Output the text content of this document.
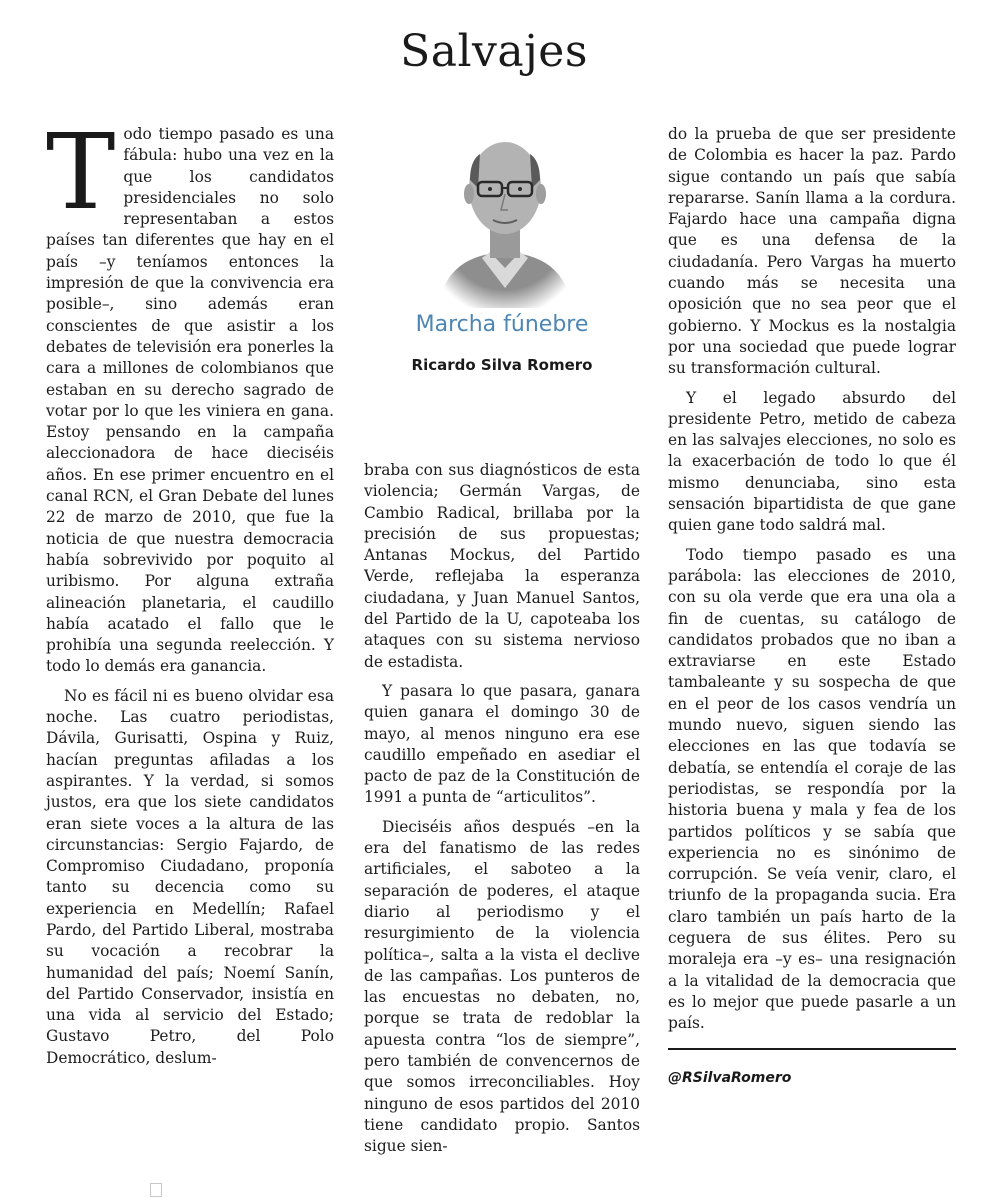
Salvajes
Marcha fúnebre
Ricardo Silva Romero

Todo tiempo pasado es una fábula: hubo una vez en la que los candidatos presidenciales no solo representaban a estos países tan diferentes que hay en el país –y teníamos entonces la impresión de que la convivencia era posible–, sino además eran conscientes de que asistir a los debates de televisión era ponerles la cara a millones de colombianos que estaban en su derecho sagrado de votar por lo que les viniera en gana. Estoy pensando en la campaña aleccionadora de hace dieciséis años. En ese primer encuentro en el canal RCN, el Gran Debate del lunes 22 de marzo de 2010, que fue la noticia de que nuestra democracia había sobrevivido por poquito al uribismo. Por alguna extraña alineación planetaria, el caudillo había acatado el fallo que le prohibía una segunda reelección. Y todo lo demás era ganancia.

No es fácil ni es bueno olvidar esa noche. Las cuatro periodistas, Dávila, Gurisatti, Ospina y Ruiz, hacían preguntas afiladas a los aspirantes. Y la verdad, si somos justos, era que los siete candidatos eran siete voces a la altura de las circunstancias: Sergio Fajardo, de Compromiso Ciudadano, proponía tanto su decencia como su experiencia en Medellín; Rafael Pardo, del Partido Liberal, mostraba su vocación a recobrar la humanidad del país; Noemí Sanín, del Partido Conservador, insistía en una vida al servicio del Estado; Gustavo Petro, del Polo Democrático, deslum-

braba con sus diagnósticos de esta violencia; Germán Vargas, de Cambio Radical, brillaba por la precisión de sus propuestas; Antanas Mockus, del Partido Verde, reflejaba la esperanza ciudadana, y Juan Manuel Santos, del Partido de la U, capoteaba los ataques con su sistema nervioso de estadista.

Y pasara lo que pasara, ganara quien ganara el domingo 30 de mayo, al menos ninguno era ese caudillo empeñado en asediar el pacto de paz de la Constitución de 1991 a punta de “articulitos”.

Dieciséis años después –en la era del fanatismo de las redes artificiales, el saboteo a la separación de poderes, el ataque diario al periodismo y el resurgimiento de la violencia política–, salta a la vista el declive de las campañas. Los punteros de las encuestas no debaten, no, porque se trata de redoblar la apuesta contra “los de siempre”, pero también de convencernos de que somos irreconciliables. Hoy ninguno de esos partidos del 2010 tiene candidato propio. Santos sigue sien-

do la prueba de que ser presidente de Colombia es hacer la paz. Pardo sigue contando un país que sabía repararse. Sanín llama a la cordura. Fajardo hace una campaña digna que es una defensa de la ciudadanía. Pero Vargas ha muerto cuando más se necesita una oposición que no sea peor que el gobierno. Y Mockus es la nostalgia por una sociedad que puede lograr su transformación cultural.

Y el legado absurdo del presidente Petro, metido de cabeza en las salvajes elecciones, no solo es la exacerbación de todo lo que él mismo denunciaba, sino esta sensación bipartidista de que gane quien gane todo saldrá mal.

Todo tiempo pasado es una parábola: las elecciones de 2010, con su ola verde que era una ola a fin de cuentas, su catálogo de candidatos probados que no iban a extraviarse en este Estado tambaleante y su sospecha de que en el peor de los casos vendría un mundo nuevo, siguen siendo las elecciones en las que todavía se debatía, se entendía el coraje de las periodistas, se respondía por la historia buena y mala y fea de los partidos políticos y se sabía que experiencia no es sinónimo de corrupción. Se veía venir, claro, el triunfo de la propaganda sucia. Era claro también un país harto de la ceguera de sus élites. Pero su moraleja era –y es– una resignación a la vitalidad de la democracia que es lo mejor que puede pasarle a un país.

@RSilvaRomero
